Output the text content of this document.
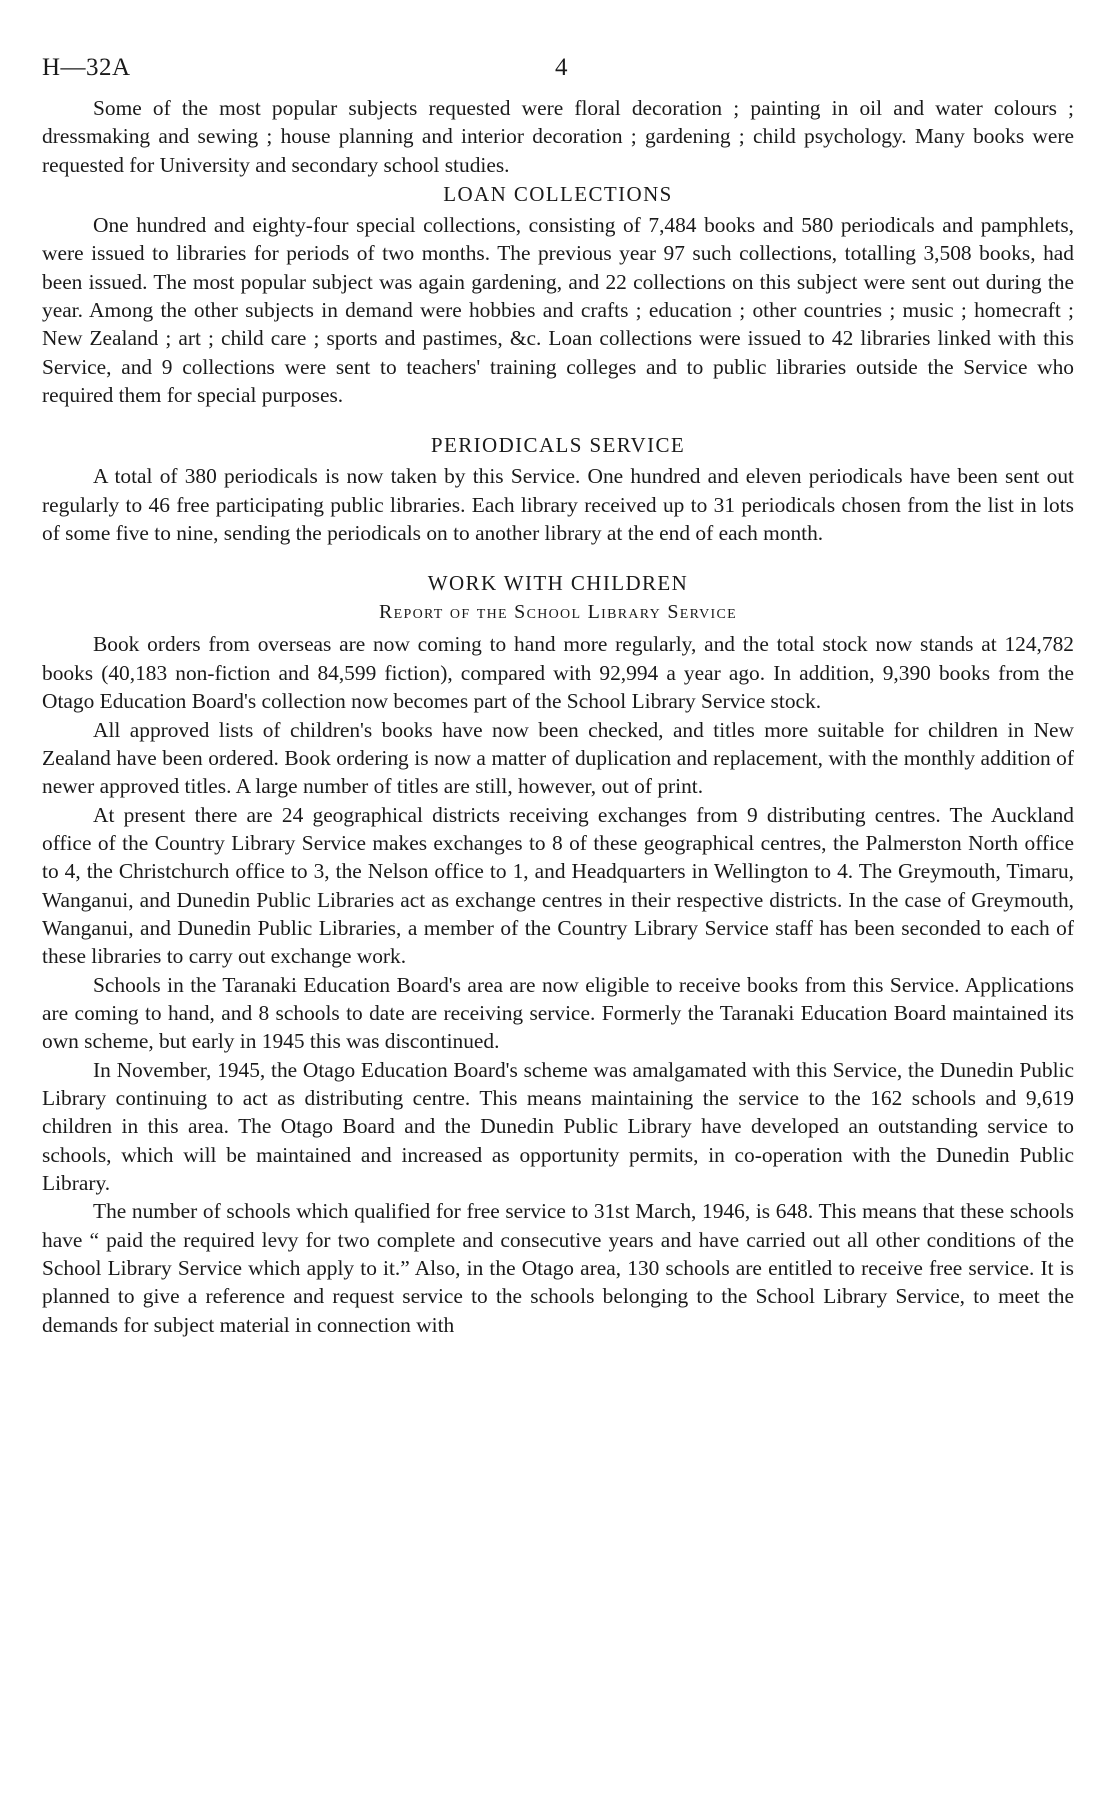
H—32A	4

Some of the most popular subjects requested were floral decoration ; painting in oil and water colours ; dressmaking and sewing ; house planning and interior decoration ; gardening ; child psychology. Many books were requested for University and secondary school studies.

LOAN COLLECTIONS

One hundred and eighty-four special collections, consisting of 7,484 books and 580 periodicals and pamphlets, were issued to libraries for periods of two months. The previous year 97 such collections, totalling 3,508 books, had been issued. The most popular subject was again gardening, and 22 collections on this subject were sent out during the year. Among the other subjects in demand were hobbies and crafts ; education ; other countries ; music ; homecraft ; New Zealand ; art ; child care ; sports and pastimes, &c. Loan collections were issued to 42 libraries linked with this Service, and 9 collections were sent to teachers' training colleges and to public libraries outside the Service who required them for special purposes.

PERIODICALS SERVICE

A total of 380 periodicals is now taken by this Service. One hundred and eleven periodicals have been sent out regularly to 46 free participating public libraries. Each library received up to 31 periodicals chosen from the list in lots of some five to nine, sending the periodicals on to another library at the end of each month.

WORK WITH CHILDREN
Report of the School Library Service

Book orders from overseas are now coming to hand more regularly, and the total stock now stands at 124,782 books (40,183 non-fiction and 84,599 fiction), compared with 92,994 a year ago. In addition, 9,390 books from the Otago Education Board's collection now becomes part of the School Library Service stock.

All approved lists of children's books have now been checked, and titles more suitable for children in New Zealand have been ordered. Book ordering is now a matter of duplication and replacement, with the monthly addition of newer approved titles. A large number of titles are still, however, out of print.

At present there are 24 geographical districts receiving exchanges from 9 distributing centres. The Auckland office of the Country Library Service makes exchanges to 8 of these geographical centres, the Palmerston North office to 4, the Christchurch office to 3, the Nelson office to 1, and Headquarters in Wellington to 4. The Greymouth, Timaru, Wanganui, and Dunedin Public Libraries act as exchange centres in their respective districts. In the case of Greymouth, Wanganui, and Dunedin Public Libraries, a member of the Country Library Service staff has been seconded to each of these libraries to carry out exchange work.

Schools in the Taranaki Education Board's area are now eligible to receive books from this Service. Applications are coming to hand, and 8 schools to date are receiving service. Formerly the Taranaki Education Board maintained its own scheme, but early in 1945 this was discontinued.

In November, 1945, the Otago Education Board's scheme was amalgamated with this Service, the Dunedin Public Library continuing to act as distributing centre. This means maintaining the service to the 162 schools and 9,619 children in this area. The Otago Board and the Dunedin Public Library have developed an outstanding service to schools, which will be maintained and increased as opportunity permits, in co-operation with the Dunedin Public Library.

The number of schools which qualified for free service to 31st March, 1946, is 648. This means that these schools have “ paid the required levy for two complete and consecutive years and have carried out all other conditions of the School Library Service which apply to it.” Also, in the Otago area, 130 schools are entitled to receive free service. It is planned to give a reference and request service to the schools belonging to the School Library Service, to meet the demands for subject material in connection with
